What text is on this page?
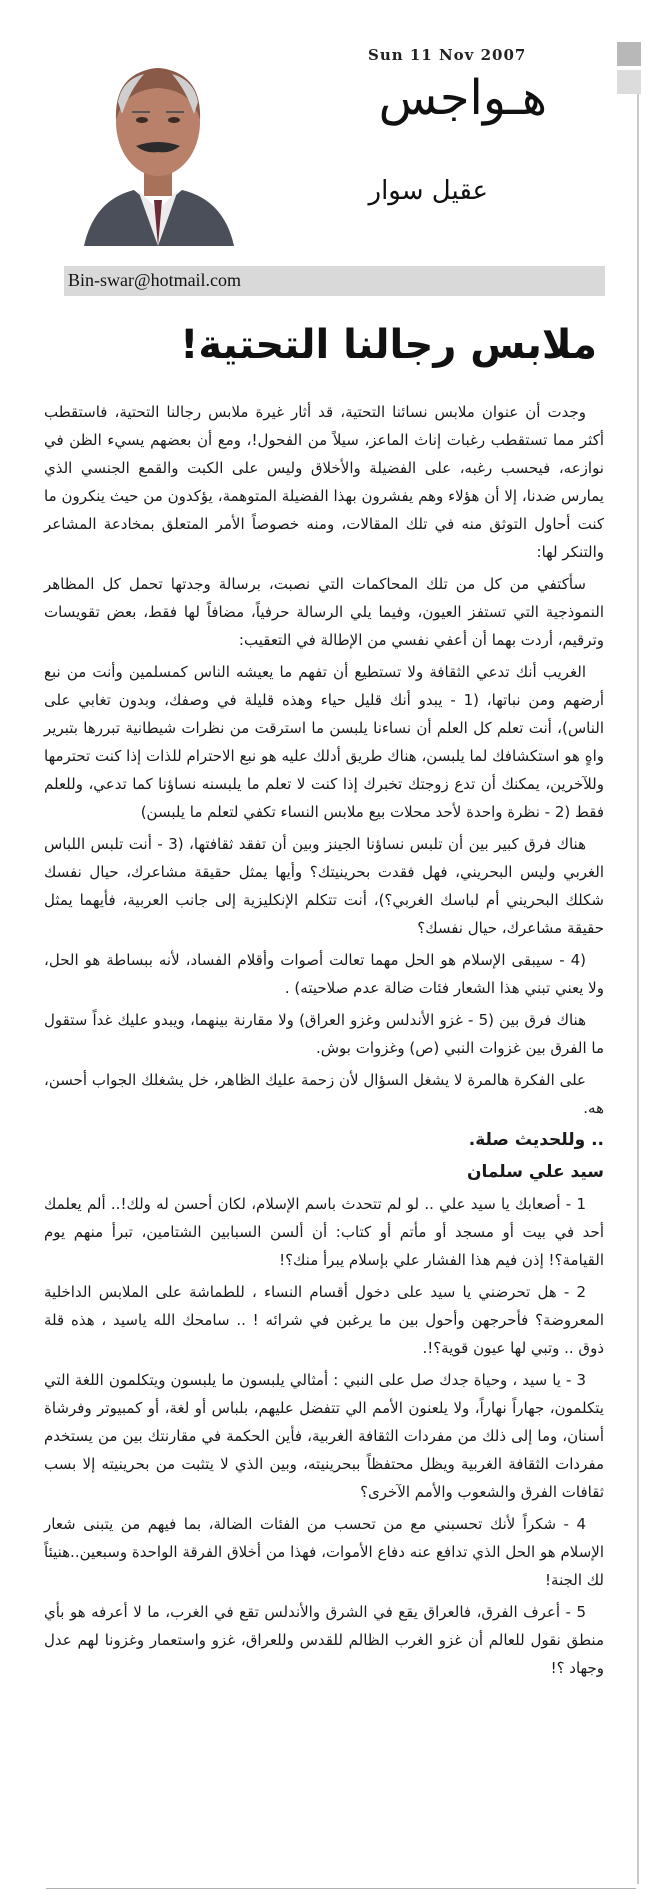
Sun 11 Nov 2007
هـواجس
عقيل سوار
Bin-swar@hotmail.com
ملابس رجالنا التحتية!

وجدت أن عنوان ملابس نسائنا التحتية، قد أثار غيرة ملابس رجالنا التحتية، فاستقطب أكثر مما تستقطب رغبات إناث الماعز، سيلاً من الفحول!، ومع أن بعضهم يسيء الظن في نوازعه، فيحسب رغبه، على الفضيلة والأخلاق وليس على الكبت والقمع الجنسي الذي يمارس ضدنا، إلا أن هؤلاء وهم يفشرون بهذا الفضيلة المتوهمة، يؤكدون من حيث ينكرون ما كنت أحاول التوثق منه في تلك المقالات، ومنه خصوصاً الأمر المتعلق بمخادعة المشاعر والتنكر لها:

سأكتفي من كل من تلك المحاكمات التي نصبت، برسالة وجدتها تحمل كل المظاهر النموذجية التي تستفز العيون، وفيما يلي الرسالة حرفياً، مضافاً لها فقط، بعض تقويسات وترقيم، أردت بهما أن أعفي نفسي من الإطالة في التعقيب:

الغريب أنك تدعي الثقافة ولا تستطيع أن تفهم ما يعيشه الناس كمسلمين وأنت من نبع أرضهم ومن نباتها، (1 - يبدو أنك قليل حياء وهذه قليلة في وصفك، وبدون تغابي على الناس)، أنت تعلم كل العلم أن نساءنا يلبسن ما استرقت من نظرات شيطانية تبررها بتبرير واهٍ هو استكشافك لما يلبسن، هناك طريق أدلك عليه هو نبع الاحترام للذات إذا كنت تحترمها وللآخرين، يمكنك أن تدع زوجتك تخبرك إذا كنت لا تعلم ما يلبسنه نساؤنا كما تدعي، وللعلم فقط (2 - نظرة واحدة لأحد محلات بيع ملابس النساء تكفي لتعلم ما يلبسن)

هناك فرق كبير بين أن تلبس نساؤنا الجينز وبين أن تفقد ثقافتها، (3 - أنت تلبس اللباس الغربي وليس البحريني، فهل فقدت بحرينيتك؟ وأيها يمثل حقيقة مشاعرك، حيال نفسك شكلك البحريني أم لباسك الغربي؟)، أنت تتكلم الإنكليزية إلى جانب العربية، فأيهما يمثل حقيقة مشاعرك، حيال نفسك؟

(4 - سيبقى الإسلام هو الحل مهما تعالت أصوات وأقلام الفساد، لأنه ببساطة هو الحل، ولا يعني تبني هذا الشعار فئات ضالة عدم صلاحيته) .

هناك فرق بين (5 - غزو الأندلس وغزو العراق) ولا مقارنة بينهما، ويبدو عليك غداً ستقول ما الفرق بين غزوات النبي (ص) وغزوات بوش.

على الفكرة هالمرة لا يشغل السؤال لأن زحمة عليك الظاهر، خل يشغلك الجواب أحسن، هه.

.. وللحديث صلة.

سيد علي سلمان

1 - أصعابك يا سيد علي .. لو لم تتحدث باسم الإسلام، لكان أحسن له ولك!.. ألم يعلمك أحد في بيت أو مسجد أو مأتم أو كتاب: أن ألسن السبابين الشتامين، تبرأ منهم يوم القيامة؟! إذن فيم هذا الفشار علي بإسلام يبرأ منك؟!

2 - هل تحرضني يا سيد على دخول أقسام النساء ، للطماشة على الملابس الداخلية المعروضة؟ فأحرجهن وأحول بين ما يرغبن في شرائه ! .. سامحك الله ياسيد ، هذه قلة ذوق .. وتبي لها عيون قوية؟!.

3 - يا سيد ، وحياة جدك صل على النبي : أمثالي يلبسون ما يلبسون ويتكلمون اللغة التي يتكلمون، جهاراً نهاراً، ولا يلعنون الأمم الي تتفضل عليهم، بلباس أو لغة، أو كمبيوتر وفرشاة أسنان، وما إلى ذلك من مفردات الثقافة الغربية، فأين الحكمة في مقارنتك بين من يستخدم مفردات الثقافة الغربية ويظل محتفظاً ببحرينيته، وبين الذي لا يتثبت من بحرينيته إلا بسب ثقافات الفرق والشعوب والأمم الآخرى؟

4 - شكراً لأنك تحسبني مع من تحسب من الفئات الضالة، بما فيهم من يتبنى شعار الإسلام هو الحل الذي تدافع عنه دفاع الأموات، فهذا من أخلاق الفرقة الواحدة وسبعين..هنيئاً لك الجنة!

5 - أعرف الفرق، فالعراق يقع في الشرق والأندلس تقع في الغرب، ما لا أعرفه هو بأي منطق نقول للعالم أن غزو الغرب الظالم للقدس وللعراق، غزو واستعمار وغزونا لهم عدل وجهاد ؟!
